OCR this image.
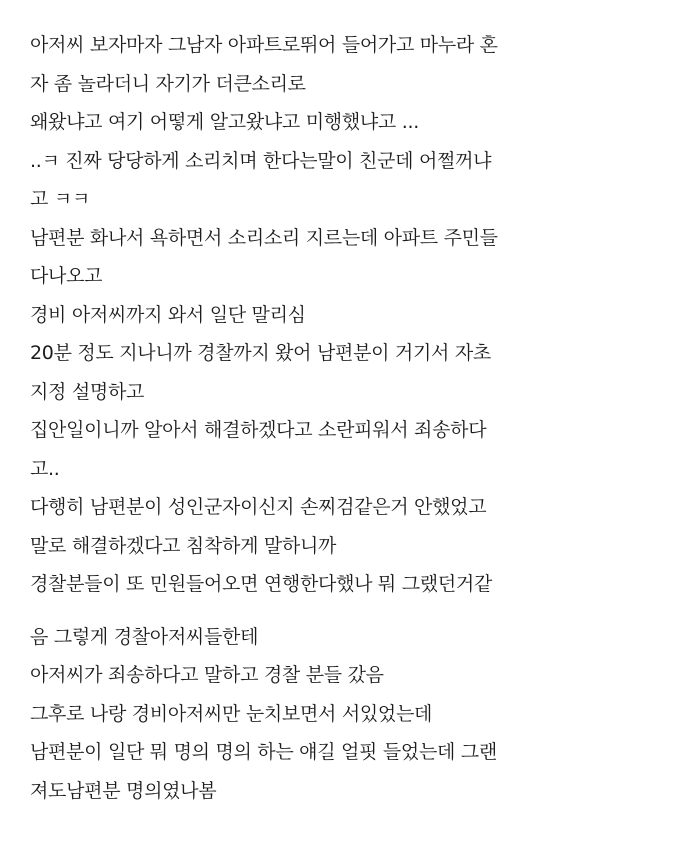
아저씨 보자마자 그남자 아파트로뛰어 들어가고 마누라 혼
자 좀 놀라더니 자기가 더큰소리로
왜왔냐고 여기 어떻게 알고왔냐고 미행했냐고 ...
..ㅋ 진짜 당당하게 소리치며 한다는말이 친군데 어쩔꺼냐
고 ㅋㅋ
남편분 화나서 욕하면서 소리소리 지르는데 아파트 주민들
다나오고
경비 아저씨까지 와서 일단 말리심
20분 정도 지나니까 경찰까지 왔어 남편분이 거기서 자초
지정 설명하고
집안일이니까 알아서 해결하겠다고 소란피워서 죄송하다
고..
다행히 남편분이 성인군자이신지 손찌검같은거 안했었고
말로 해결하겠다고 침착하게 말하니까
경찰분들이 또 민원들어오면 연행한다했나 뭐 그랬던거같
음 그렇게 경찰아저씨들한테
아저씨가 죄송하다고 말하고 경찰 분들 갔음
그후로 나랑 경비아저씨만 눈치보면서 서있었는데
남편분이 일단 뭐 명의 명의 하는 얘길 얼핏 들었는데 그랜
져도남편분 명의였나봄
